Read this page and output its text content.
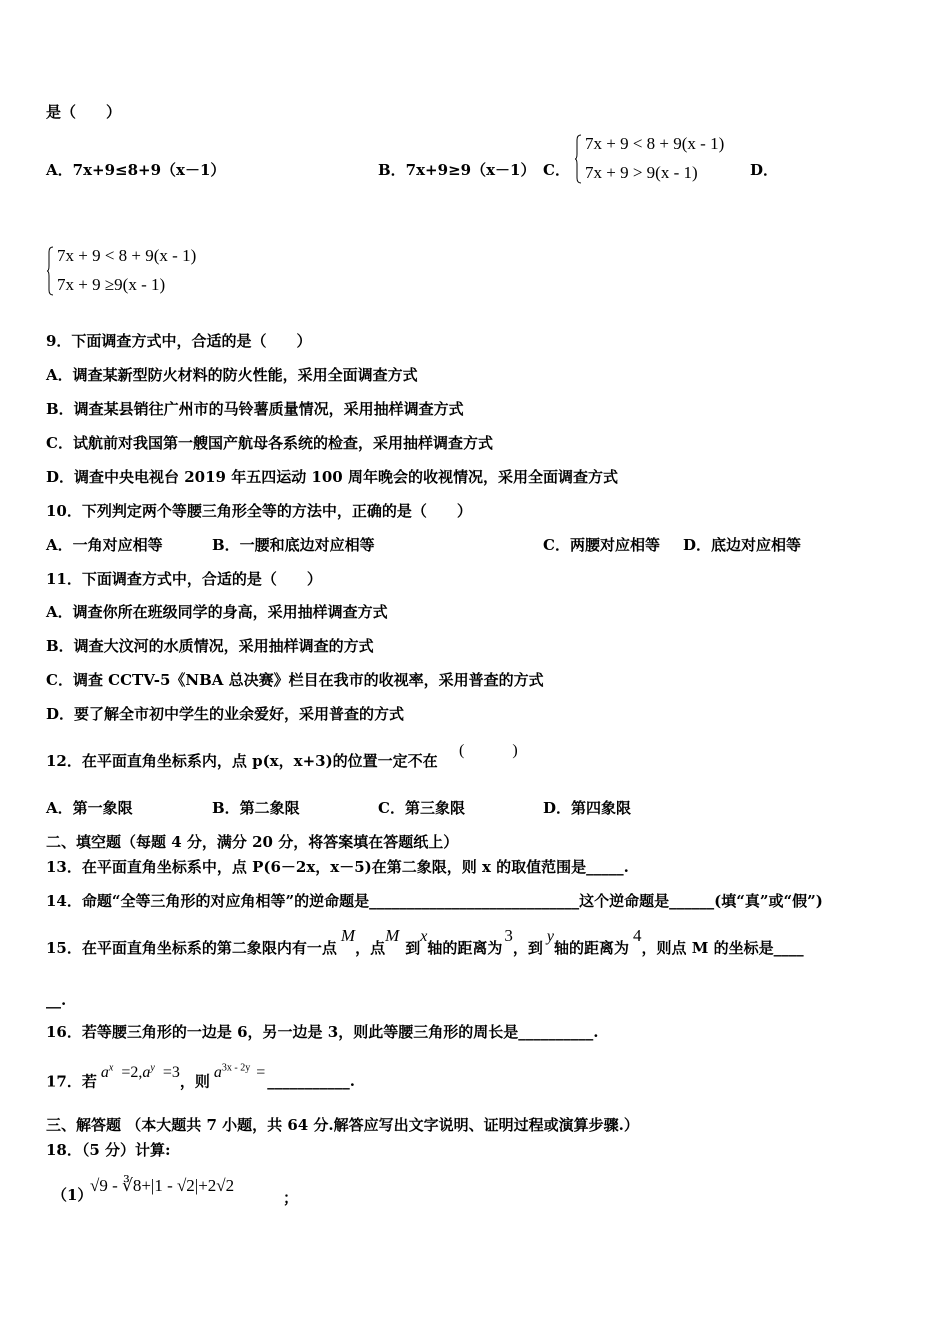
是（　　）
A．7x+9≤8+9（x－1）	B．7x+9≥9（x－1） C．
7x + 9 < 8 + 9(x - 1)
7x + 9 > 9(x - 1)	D．
7x + 9 < 8 + 9(x - 1)
7x + 9 ≥9(x - 1)
9．下面调查方式中，合适的是（　　）
A．调查某新型防火材料的防火性能，采用全面调查方式
B．调查某县销往广州市的马铃薯质量情况，采用抽样调查方式
C．试航前对我国第一艘国产航母各系统的检查，采用抽样调查方式
D．调查中央电视台 2019 年五四运动 100 周年晚会的收视情况，采用全面调查方式
10．下列判定两个等腰三角形全等的方法中，正确的是（　　）
A．一角对应相等	B．一腰和底边对应相等	C．两腰对应相等 D．底边对应相等
11．下面调查方式中，合适的是（　　）
A．调查你所在班级同学的身高，采用抽样调查方式
B．调查大汶河的水质情况，采用抽样调查的方式
C．调查 CCTV-5《NBA 总决赛》栏目在我市的收视率，采用普查的方式
D．要了解全市初中学生的业余爱好，采用普查的方式
12．在平面直角坐标系内，点 p(x，x+3)的位置一定不在
(　　　)
A．第一象限	B．第二象限	C．第三象限	D．第四象限
二、填空题（每题 4 分，满分 20 分，将答案填在答题纸上）
13．在平面直角坐标系中，点 P(6－2x，x－5)在第二象限，则 x 的取值范围是_____.
14．命题“全等三角形的对应角相等”的逆命题是____________________________这个逆命题是______(填“真”或“假”)
15．在平面直角坐标系的第二象限内有一点M，点M到x轴的距离为3，到y轴的距离为4，则点 M 的坐标是____
__.
16．若等腰三角形的一边是 6，另一边是 3，则此等腰三角形的周长是__________.
17．若 $a^x =2,a^y =3$，则 $a^{3x - 2y}$ = ___________.
三、解答题 （本大题共 7 小题，共 64 分.解答应写出文字说明、证明过程或演算步骤.）
18．（5 分）计算:
（1）
√9 - ∛8+|1 - √2|+2√2
；
